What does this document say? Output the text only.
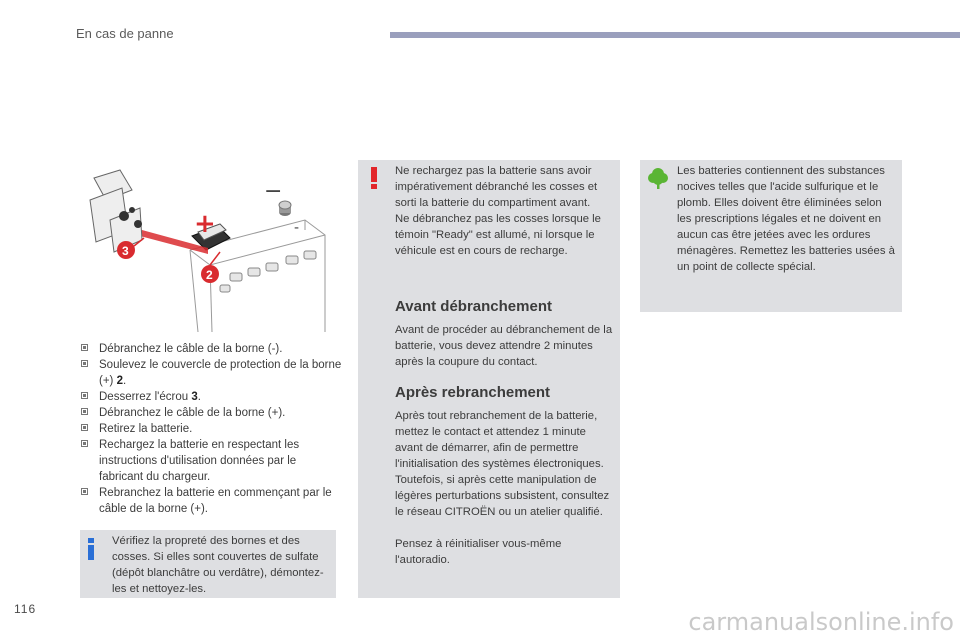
En cas de panne
−
-
+
3
2
Débranchez le câble de la borne (-).
Soulevez le couvercle de protection de la borne (+) 2.
Desserrez l'écrou 3.
Débranchez le câble de la borne (+).
Retirez la batterie.
Rechargez la batterie en respectant les instructions d'utilisation données par le fabricant du chargeur.
Rebranchez la batterie en commençant par le câble de la borne (+).
Vérifiez la propreté des bornes et des cosses. Si elles sont couvertes de sulfate (dépôt blanchâtre ou verdâtre), démontez-les et nettoyez-les.
Ne rechargez pas la batterie sans avoir impérativement débranché les cosses et sorti la batterie du compartiment avant.
Ne débranchez pas les cosses lorsque le témoin "Ready" est allumé, ni lorsque le véhicule est en cours de recharge.
Avant débranchement

Avant de procéder au débranchement de la batterie, vous devez attendre 2 minutes après la coupure du contact.

Après rebranchement

Après tout rebranchement de la batterie, mettez le contact et attendez 1 minute avant de démarrer, afin de permettre l'initialisation des systèmes électroniques. Toutefois, si après cette manipulation de légères perturbations subsistent, consultez le réseau CITROËN ou un atelier qualifié.

Pensez à réinitialiser vous-même l'autoradio.

Les batteries contiennent des substances nocives telles que l'acide sulfurique et le plomb. Elles doivent être éliminées selon les prescriptions légales et ne doivent en aucun cas être jetées avec les ordures ménagères. Remettez les batteries usées à un point de collecte spécial.
116	carmanualsonline.info
